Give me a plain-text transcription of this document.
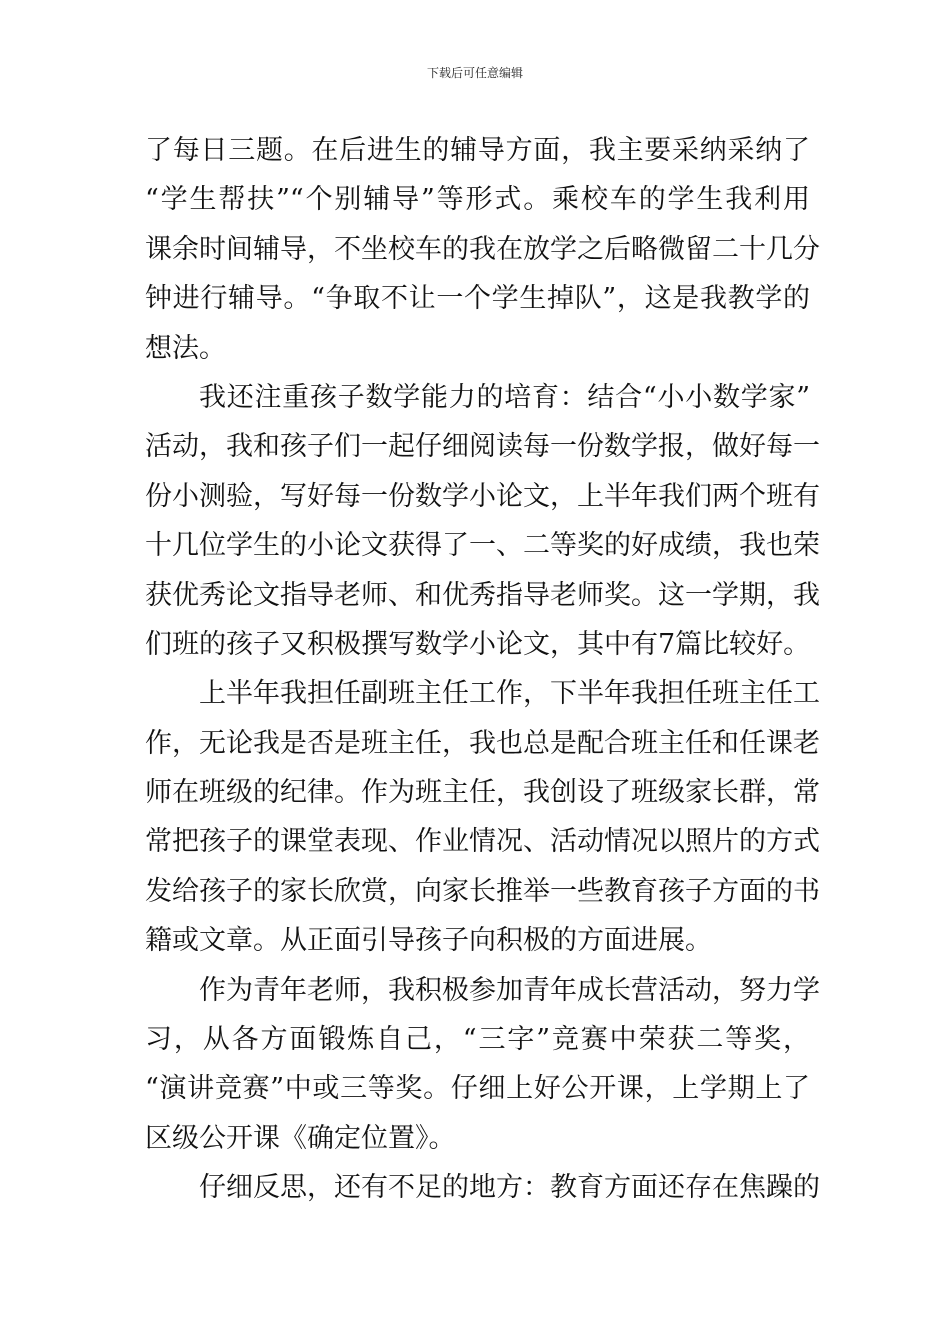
下载后可任意编辑
了每日三题。在后进生的辅导方面，我主要采纳采纳了
“学生帮扶”“个别辅导”等形式。乘校车的学生我利用
课余时间辅导，不坐校车的我在放学之后略微留二十几分
钟进行辅导。“争取不让一个学生掉队”，这是我教学的
想法。
我还注重孩子数学能力的培育：结合“小小数学家”
活动，我和孩子们一起仔细阅读每一份数学报，做好每一
份小测验，写好每一份数学小论文，上半年我们两个班有
十几位学生的小论文获得了一、二等奖的好成绩，我也荣
获优秀论文指导老师、和优秀指导老师奖。这一学期，我
们班的孩子又积极撰写数学小论文，其中有7篇比较好。
上半年我担任副班主任工作，下半年我担任班主任工
作，无论我是否是班主任，我也总是配合班主任和任课老
师在班级的纪律。作为班主任，我创设了班级家长群，常
常把孩子的课堂表现、作业情况、活动情况以照片的方式
发给孩子的家长欣赏，向家长推举一些教育孩子方面的书
籍或文章。从正面引导孩子向积极的方面进展。
作为青年老师，我积极参加青年成长营活动，努力学
习，从各方面锻炼自己，“三字”竞赛中荣获二等奖，
“演讲竞赛”中或三等奖。仔细上好公开课，上学期上了
区级公开课《确定位置》。
仔细反思，还有不足的地方：教育方面还存在焦躁的
